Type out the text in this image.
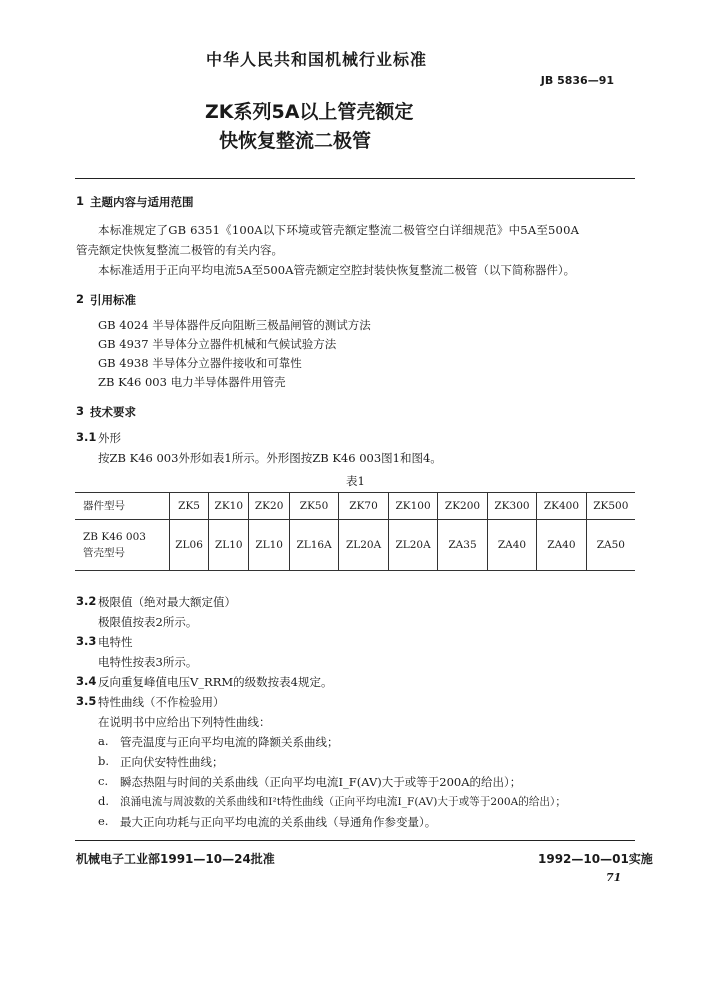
中华人民共和国机械行业标准
JB 5836—91
ZK系列5A以上管壳额定
快恢复整流二极管
1 主题内容与适用范围
本标准规定了GB 6351《100A以下环境或管壳额定整流二极管空白详细规范》中5A至500A
管壳额定快恢复整流二极管的有关内容。
本标准适用于正向平均电流5A至500A管壳额定空腔封装快恢复整流二极管（以下简称器件）。
2 引用标准
GB 4024 半导体器件反向阻断三极晶闸管的测试方法
GB 4937 半导体分立器件机械和气候试验方法
GB 4938 半导体分立器件接收和可靠性
ZB K46 003 电力半导体器件用管壳
3 技术要求
3.1 外形
按ZB K46 003外形如表1所示。外形图按ZB K46 003图1和图4。
表1
器件型号	ZK5	ZK10	ZK20	ZK50	ZK70	ZK100	ZK200	ZK300	ZK400	ZK500
ZB K46 003
管壳型号	ZL06	ZL10	ZL10	ZL16A	ZL20A	ZL20A	ZA35	ZA40	ZA40	ZA50
3.2 极限值（绝对最大额定值）
极限值按表2所示。
3.3 电特性
电特性按表3所示。
3.4 反向重复峰值电压V_RRM的级数按表4规定。
3.5 特性曲线（不作检验用）
在说明书中应给出下列特性曲线：
a. 管壳温度与正向平均电流的降额关系曲线；
b. 正向伏安特性曲线；
c. 瞬态热阻与时间的关系曲线（正向平均电流I_F(AV)大于或等于200A的给出）；
d. 浪涌电流与周波数的关系曲线和I²t特性曲线（正向平均电流I_F(AV)大于或等于200A的给出）；
e. 最大正向功耗与正向平均电流的关系曲线（导通角作参变量）。
机械电子工业部1991—10—24批准	1992—10—01实施
71
